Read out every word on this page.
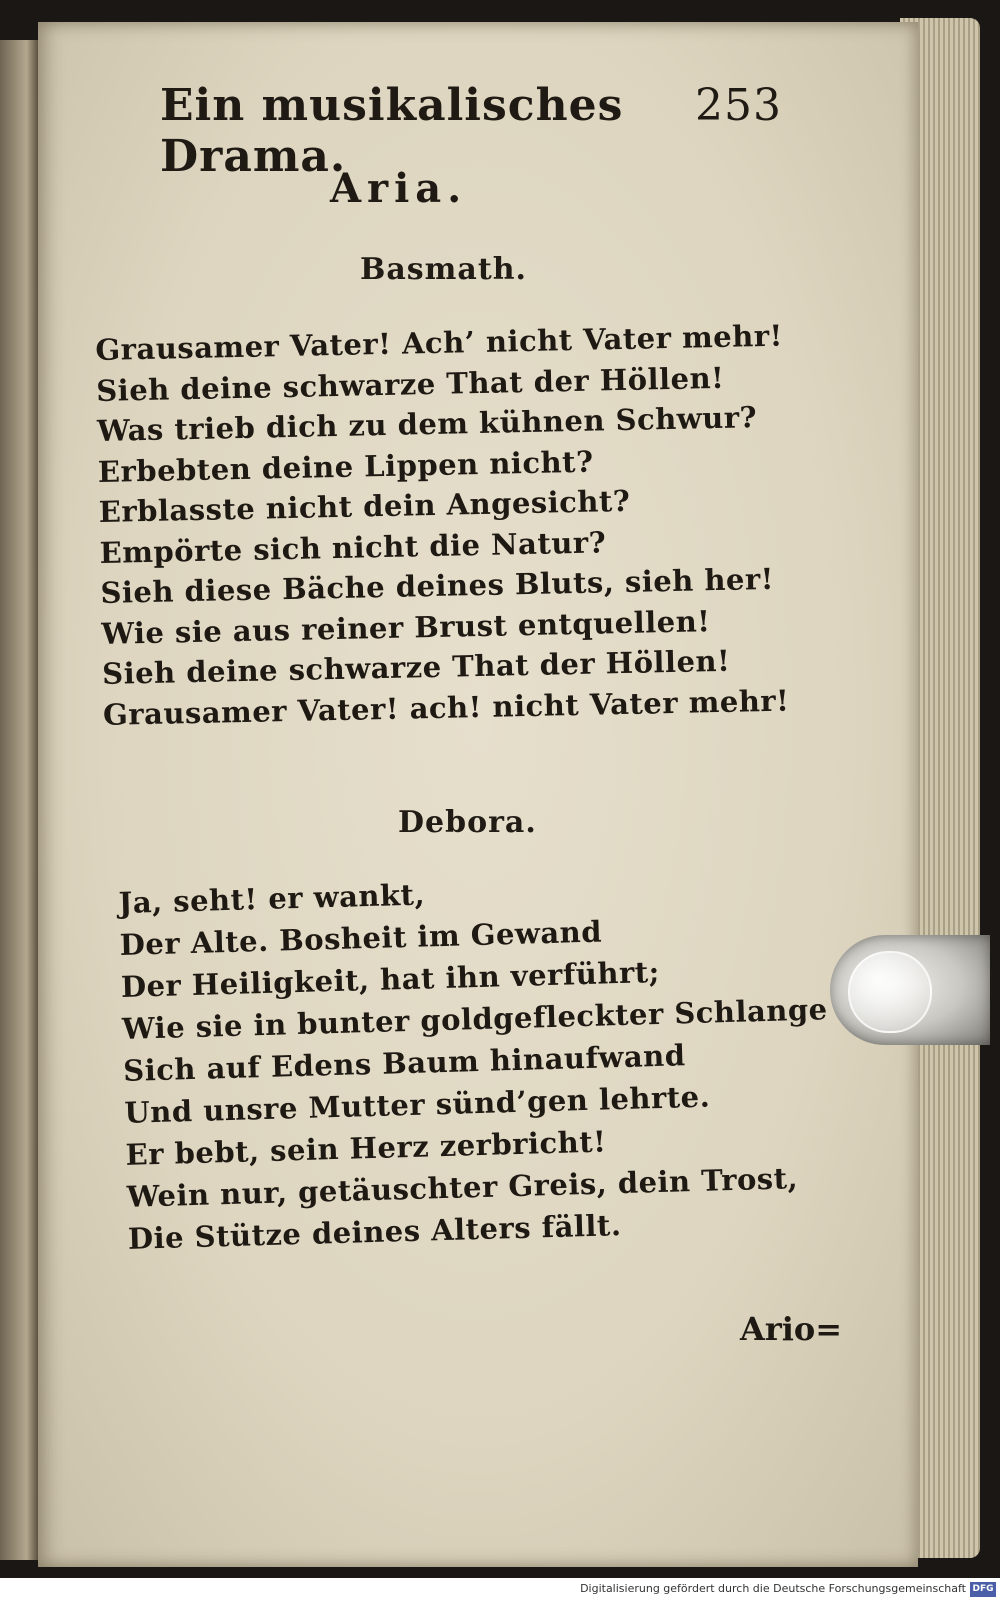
Ein musikalisches Drama.
253
Aria.
Basmath.
Grausamer Vater! Ach’ nicht Vater mehr!
Sieh deine schwarze That der Höllen!
Was trieb dich zu dem kühnen Schwur?
Erbebten deine Lippen nicht?
Erblasste nicht dein Angesicht?
Empörte sich nicht die Natur?
Sieh diese Bäche deines Bluts, sieh her!
Wie sie aus reiner Brust entquellen!
Sieh deine schwarze That der Höllen!
Grausamer Vater! ach! nicht Vater mehr!
Debora.
Ja, seht! er wankt,
Der Alte. Bosheit im Gewand
Der Heiligkeit, hat ihn verführt;
Wie sie in bunter goldgefleckter Schlange
Sich auf Edens Baum hinaufwand
Und unsre Mutter sünd’gen lehrte.
Er bebt, sein Herz zerbricht!
Wein nur, getäuschter Greis, dein Trost,
Die Stütze deines Alters fällt.
Ario=
Digitalisierung gefördert durch die Deutsche Forschungsgemeinschaft DFG
